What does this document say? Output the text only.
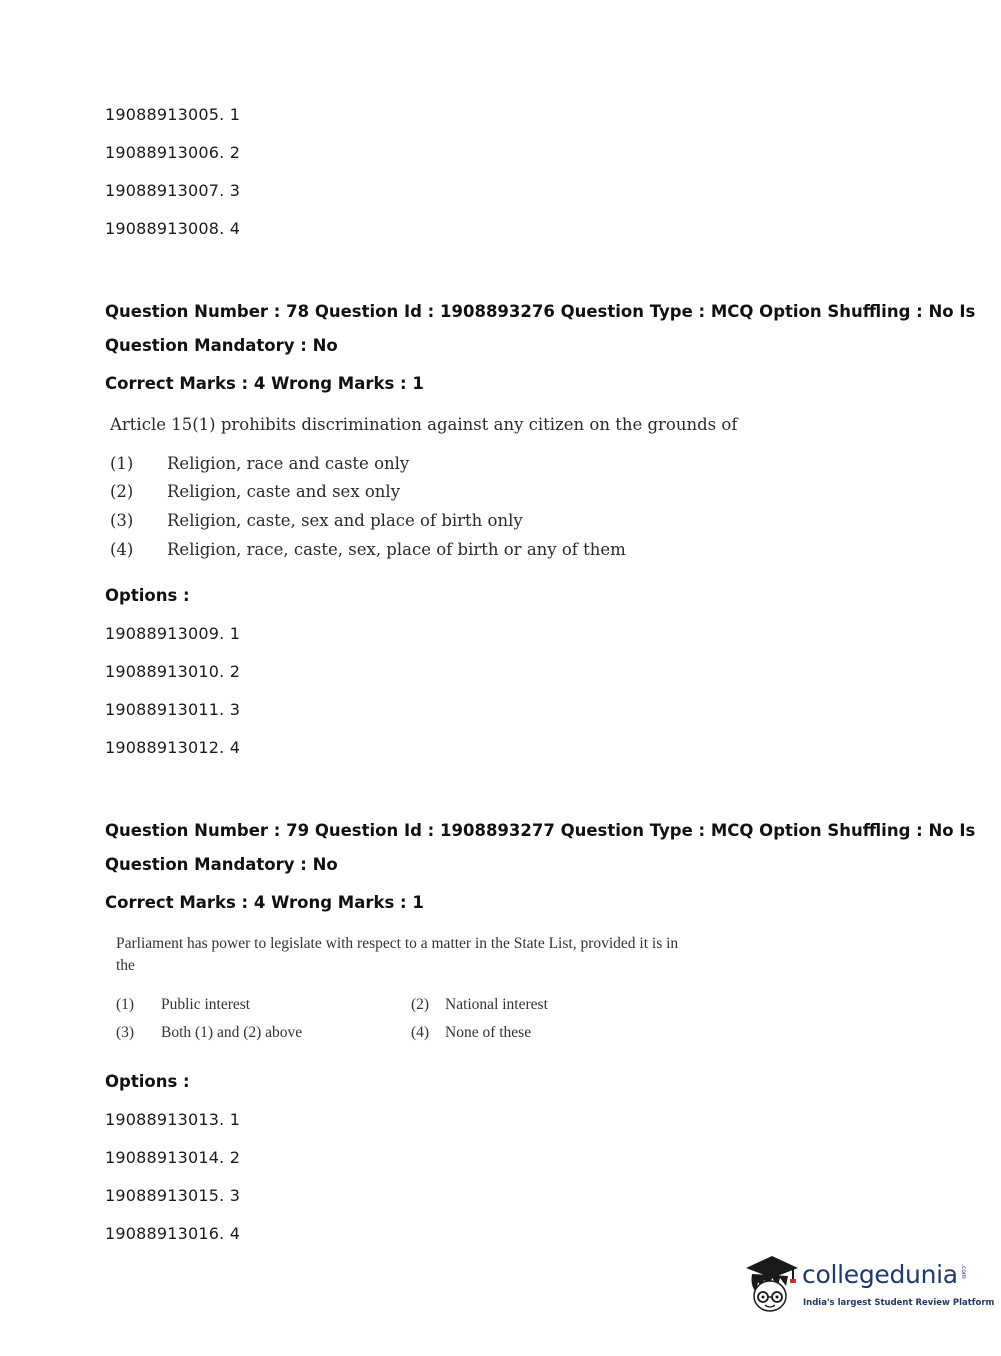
19088913005. 1
19088913006. 2
19088913007. 3
19088913008. 4
Question Number : 78 Question Id : 1908893276 Question Type : MCQ Option Shuffling : No Is
Question Mandatory : No
Correct Marks : 4 Wrong Marks : 1
Article 15(1) prohibits discrimination against any citizen on the grounds of
(1) Religion, race and caste only
(2) Religion, caste and sex only
(3) Religion, caste, sex and place of birth only
(4) Religion, race, caste, sex, place of birth or any of them
Options :
19088913009. 1
19088913010. 2
19088913011. 3
19088913012. 4
Question Number : 79 Question Id : 1908893277 Question Type : MCQ Option Shuffling : No Is
Question Mandatory : No
Correct Marks : 4 Wrong Marks : 1
Parliament has power to legislate with respect to a matter in the State List, provided it is in
the
(1) Public interest	(2) National interest
(3) Both (1) and (2) above	(4) None of these
Options :
19088913013. 1
19088913014. 2
19088913015. 3
19088913016. 4
collegedunia .com
India's largest Student Review Platform
